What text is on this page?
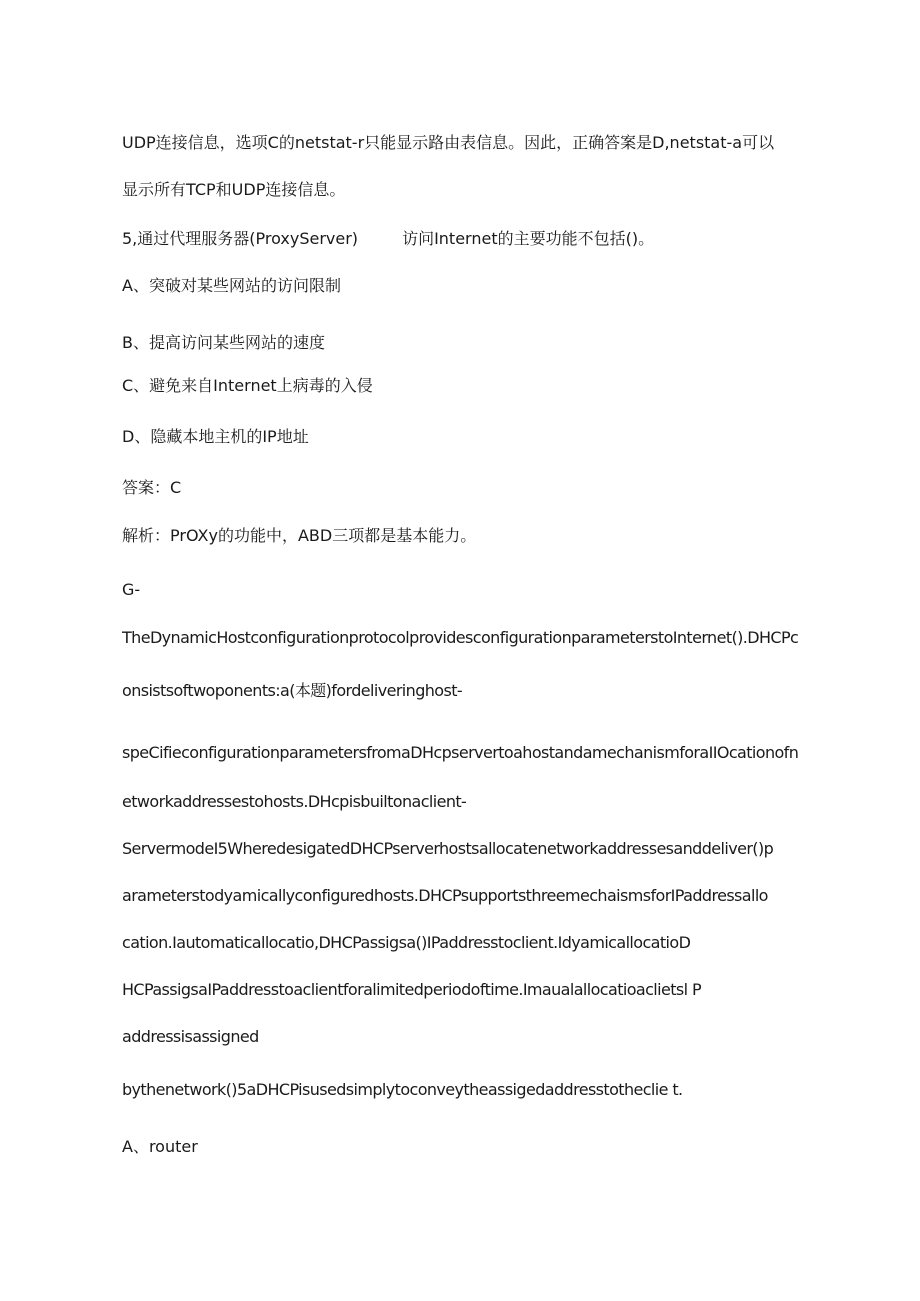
UDP连接信息，选项C的netstat-r只能显示路由表信息。因此，正确答案是D,netstat-a可以
显示所有TCP和UDP连接信息。
5,通过代理服务器(ProxyServer)	访问Internet的主要功能不包括()。
A、突破对某些网站的访问限制
B、提高访问某些网站的速度
C、避免来自Internet上病毒的入侵
D、隐藏本地主机的IP地址
答案：C
解析：PrOXy的功能中，ABD三项都是基本能力。
G-
TheDynamicHostconfigurationprotocolprovidesconfigurationparameterstoInternet().DHCPc
onsistsoftwoponents:a(本题)fordeliveringhost-
speCifieconfigurationparametersfromaDHcpservertoahostandamechanismforaIIOcationofn
etworkaddressestohosts.DHcpisbuiltonaclient-
ServermodeI5WheredesigatedDHCPserverhostsallocatenetworkaddressesanddeliver()p
arameterstodyamicallyconfiguredhosts.DHCPsupportsthreemechaismsforIPaddressallo
cation.Iautomaticallocatio,DHCPassigsa()IPaddresstoclient.IdyamicallocatioD
HCPassigsaIPaddresstoaclientforalimitedperiodoftime.Imaualallocatioaclietsl P
addressisassigned
bythenetwork()5aDHCPisusedsimplytoconveytheassigedaddresstotheclie t.
A、router
